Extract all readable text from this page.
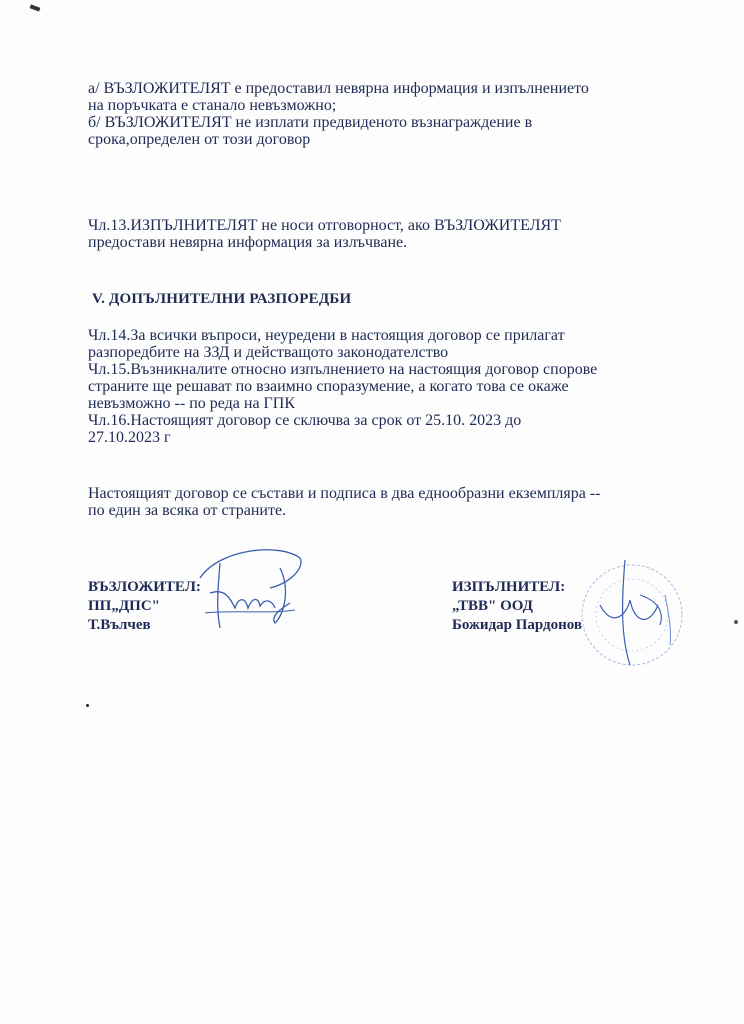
а/ ВЪЗЛОЖИТЕЛЯТ е предоставил невярна информация и изпълнението

на поръчката е станало невъзможно;

б/ ВЪЗЛОЖИТЕЛЯТ не изплати предвиденото възнаграждение в

срока,определен от този договор

Чл.13.ИЗПЪЛНИТЕЛЯТ не носи отговорност, ако ВЪЗЛОЖИТЕЛЯТ

предостави невярна информация за излъчване.

V. ДОПЪЛНИТЕЛНИ РАЗПОРЕДБИ

Чл.14.За всички въпроси, неуредени в настоящия договор се прилагат

разпоредбите на ЗЗД и действащото законодателство

Чл.15.Възникналите относно изпълнението на настоящия договор спорове

страните ще решават по взаимно споразумение, а когато това се окаже

невъзможно -- по реда на ГПК

Чл.16.Настоящият договор се сключва за срок от 25.10. 2023 до

27.10.2023 г

Настоящият договор се състави и подписа в два еднообразни екземпляра --

по един за всяка от страните.

ВЪЗЛОЖИТЕЛ:
ПП„ДПС"
Т.Вълчев
ИЗПЪЛНИТЕЛ:
„ТВВ" ООД
Божидар Пардонов
